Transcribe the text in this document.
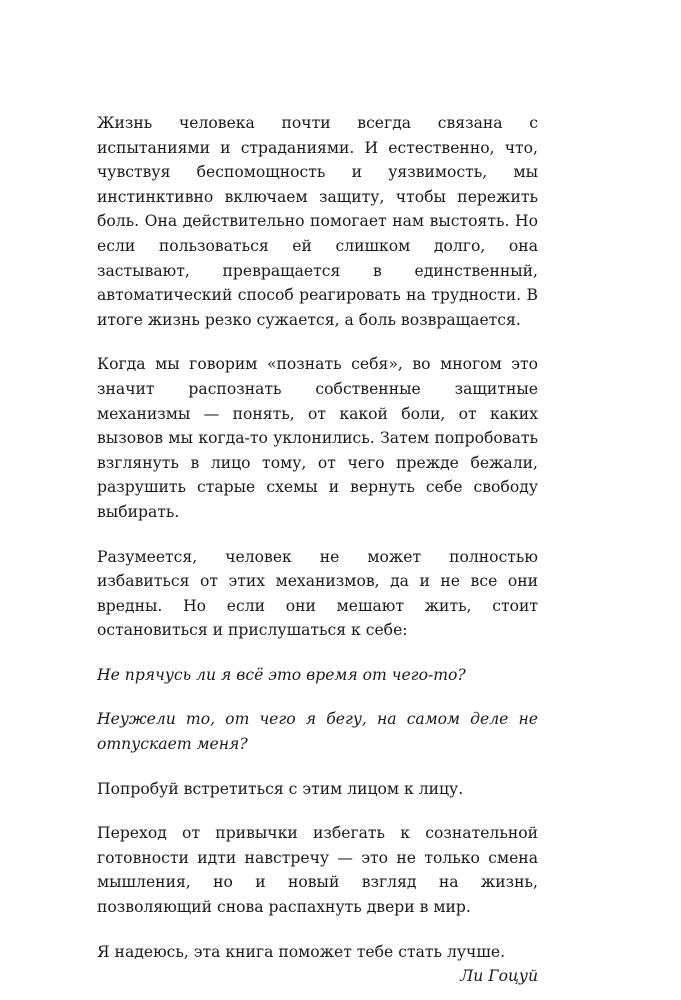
Жизнь человека почти всегда связана с испытаниями и страданиями. И естественно, что, чувствуя беспомощность и уязвимость, мы инстинктивно включаем защиту, чтобы пережить боль. Она действительно помогает нам выстоять. Но если пользоваться ей слишком долго, она застывают, превращается в единственный, автоматический способ реагировать на трудности. В итоге жизнь резко сужается, а боль возвращается.

Когда мы говорим «познать себя», во многом это значит распознать собственные защитные механизмы — понять, от какой боли, от каких вызовов мы когда-то уклонились. Затем попробовать взглянуть в лицо тому, от чего прежде бежали, разрушить старые схемы и вернуть себе свободу выбирать.

Разумеется, человек не может полностью избавиться от этих механизмов, да и не все они вредны. Но если они мешают жить, стоит остановиться и прислушаться к себе:

Не прячусь ли я всё это время от чего-то?

Неужели то, от чего я бегу, на самом деле не отпускает меня?

Попробуй встретиться с этим лицом к лицу.

Переход от привычки избегать к сознательной готовности идти навстречу — это не только смена мышления, но и новый взгляд на жизнь, позволяющий снова распахнуть двери в мир.

Я надеюсь, эта книга поможет тебе стать лучше.

Ли Гоцуй
